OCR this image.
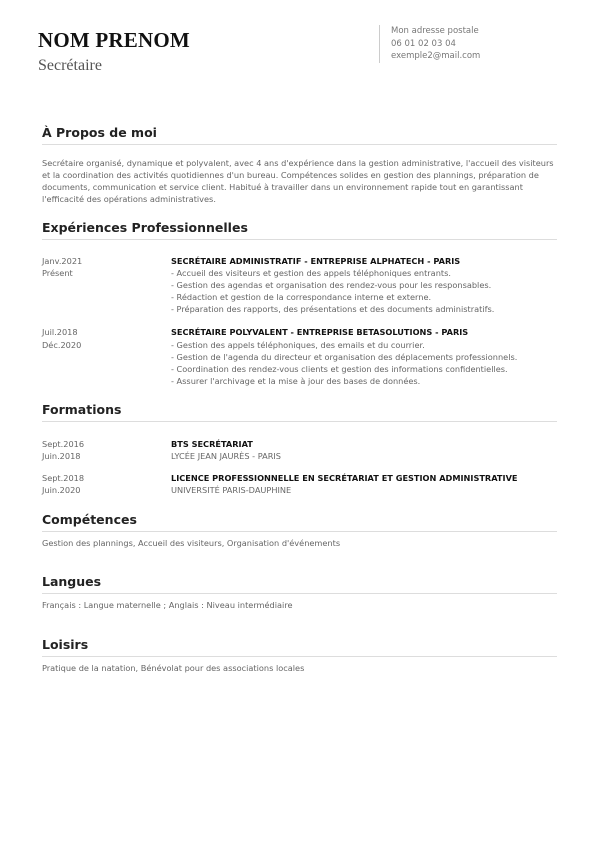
NOM PRENOM
Secrétaire
Mon adresse postale
06 01 02 03 04
exemple2@mail.com
À Propos de moi
Secrétaire organisé, dynamique et polyvalent, avec 4 ans d'expérience dans la gestion administrative, l'accueil des visiteurs et la coordination des activités quotidiennes d'un bureau. Compétences solides en gestion des plannings, préparation de documents, communication et service client. Habitué à travailler dans un environnement rapide tout en garantissant l'efficacité des opérations administratives.
Expériences Professionnelles
Janv.2021
Présent
SECRÉTAIRE ADMINISTRATIF - ENTREPRISE ALPHATECH - PARIS
- Accueil des visiteurs et gestion des appels téléphoniques entrants.
- Gestion des agendas et organisation des rendez-vous pour les responsables.
- Rédaction et gestion de la correspondance interne et externe.
- Préparation des rapports, des présentations et des documents administratifs.
Juil.2018
Déc.2020
SECRÉTAIRE POLYVALENT - ENTREPRISE BETASOLUTIONS - PARIS
- Gestion des appels téléphoniques, des emails et du courrier.
- Gestion de l'agenda du directeur et organisation des déplacements professionnels.
- Coordination des rendez-vous clients et gestion des informations confidentielles.
- Assurer l'archivage et la mise à jour des bases de données.
Formations
Sept.2016
Juin.2018
BTS SECRÉTARIAT
LYCÉE JEAN JAURÈS - PARIS
Sept.2018
Juin.2020
LICENCE PROFESSIONNELLE EN SECRÉTARIAT ET GESTION ADMINISTRATIVE
UNIVERSITÉ PARIS-DAUPHINE
Compétences
Gestion des plannings, Accueil des visiteurs, Organisation d'événements
Langues
Français : Langue maternelle ; Anglais : Niveau intermédiaire
Loisirs
Pratique de la natation, Bénévolat pour des associations locales
